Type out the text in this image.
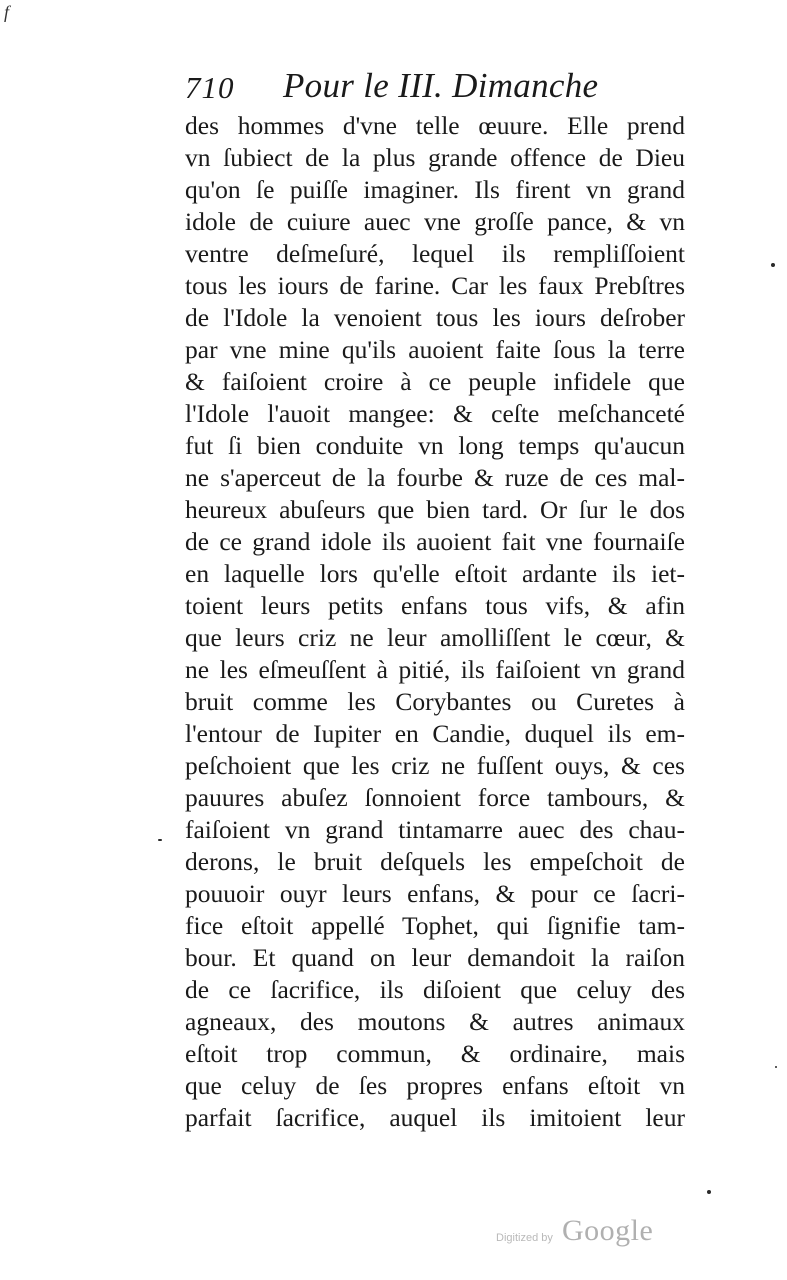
f
710 Pour le III. Dimanche
des hommes d'vne telle œuure. Elle prend
vn ſubiect de la plus grande offence de Dieu
qu'on ſe puiſſe imaginer. Ils firent vn grand
idole de cuiure auec vne groſſe pance, & vn
ventre deſmeſuré, lequel ils rempliſſoient
tous les iours de farine. Car les faux Prebſtres
de l'Idole la venoient tous les iours deſrober
par vne mine qu'ils auoient faite ſous la terre
& faiſoient croire à ce peuple infidele que
l'Idole l'auoit mangee: & ceſte meſchanceté
fut ſi bien conduite vn long temps qu'aucun
ne s'aperceut de la fourbe & ruze de ces mal-
heureux abuſeurs que bien tard. Or ſur le dos
de ce grand idole ils auoient fait vne fournaiſe
en laquelle lors qu'elle eſtoit ardante ils iet-
toient leurs petits enfans tous vifs, & afin
que leurs criz ne leur amolliſſent le cœur, &
ne les eſmeuſſent à pitié, ils faiſoient vn grand
bruit comme les Corybantes ou Curetes à
l'entour de Iupiter en Candie, duquel ils em-
peſchoient que les criz ne fuſſent ouys, & ces
pauures abuſez ſonnoient force tambours, &
faiſoient vn grand tintamarre auec des chau-
derons, le bruit deſquels les empeſchoit de
pouuoir ouyr leurs enfans, & pour ce ſacri-
fice eſtoit appellé Tophet, qui ſignifie tam-
bour. Et quand on leur demandoit la raiſon
de ce ſacrifice, ils diſoient que celuy des
agneaux, des moutons & autres animaux
eſtoit trop commun, & ordinaire, mais
que celuy de ſes propres enfans eſtoit vn
parfait ſacrifice, auquel ils imitoient leur
Digitized by Google
